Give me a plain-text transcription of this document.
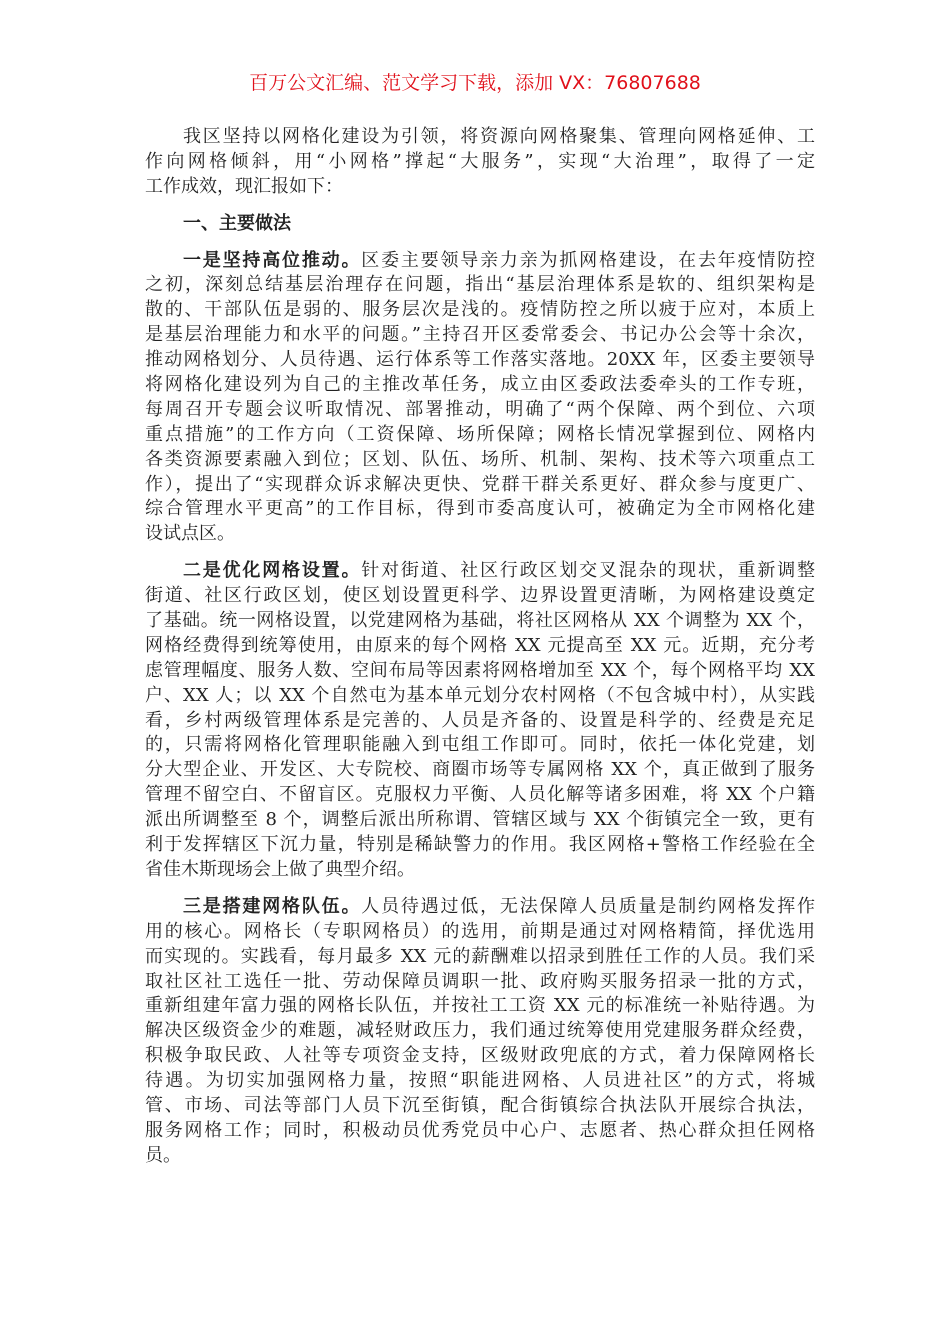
百万公文汇编、范文学习下载，添加 VX：76807688
我区坚持以网格化建设为引领，将资源向网格聚集、管理向网格延伸、工
作向网格倾斜，用“小网格”撑起“大服务”，实现“大治理”，取得了一定
工作成效，现汇报如下：
一、主要做法
一是坚持高位推动。区委主要领导亲力亲为抓网格建设，在去年疫情防控
之初，深刻总结基层治理存在问题，指出“基层治理体系是软的、组织架构是
散的、干部队伍是弱的、服务层次是浅的。疫情防控之所以疲于应对，本质上
是基层治理能力和水平的问题。”主持召开区委常委会、书记办公会等十余次，
推动网格划分、人员待遇、运行体系等工作落实落地。20XX 年，区委主要领导
将网格化建设列为自己的主推改革任务，成立由区委政法委牵头的工作专班，
每周召开专题会议听取情况、部署推动，明确了“两个保障、两个到位、六项
重点措施”的工作方向（工资保障、场所保障；网格长情况掌握到位、网格内
各类资源要素融入到位；区划、队伍、场所、机制、架构、技术等六项重点工
作），提出了“实现群众诉求解决更快、党群干群关系更好、群众参与度更广、
综合管理水平更高”的工作目标，得到市委高度认可，被确定为全市网格化建
设试点区。
二是优化网格设置。针对街道、社区行政区划交叉混杂的现状，重新调整
街道、社区行政区划，使区划设置更科学、边界设置更清晰，为网格建设奠定
了基础。统一网格设置，以党建网格为基础，将社区网格从 XX 个调整为 XX 个，
网格经费得到统筹使用，由原来的每个网格 XX 元提高至 XX 元。近期，充分考
虑管理幅度、服务人数、空间布局等因素将网格增加至 XX 个，每个网格平均 XX
户、XX 人；以 XX 个自然屯为基本单元划分农村网格（不包含城中村），从实践
看，乡村两级管理体系是完善的、人员是齐备的、设置是科学的、经费是充足
的，只需将网格化管理职能融入到屯组工作即可。同时，依托一体化党建，划
分大型企业、开发区、大专院校、商圈市场等专属网格 XX 个，真正做到了服务
管理不留空白、不留盲区。克服权力平衡、人员化解等诸多困难，将 XX 个户籍
派出所调整至 8 个，调整后派出所称谓、管辖区域与 XX 个街镇完全一致，更有
利于发挥辖区下沉力量，特别是稀缺警力的作用。我区网格+警格工作经验在全
省佳木斯现场会上做了典型介绍。
三是搭建网格队伍。人员待遇过低，无法保障人员质量是制约网格发挥作
用的核心。网格长（专职网格员）的选用，前期是通过对网格精简，择优选用
而实现的。实践看，每月最多 XX 元的薪酬难以招录到胜任工作的人员。我们采
取社区社工选任一批、劳动保障员调职一批、政府购买服务招录一批的方式，
重新组建年富力强的网格长队伍，并按社工工资 XX 元的标准统一补贴待遇。为
解决区级资金少的难题，减轻财政压力，我们通过统筹使用党建服务群众经费，
积极争取民政、人社等专项资金支持，区级财政兜底的方式，着力保障网格长
待遇。为切实加强网格力量，按照“职能进网格、人员进社区”的方式，将城
管、市场、司法等部门人员下沉至街镇，配合街镇综合执法队开展综合执法，
服务网格工作；同时，积极动员优秀党员中心户、志愿者、热心群众担任网格
员。
